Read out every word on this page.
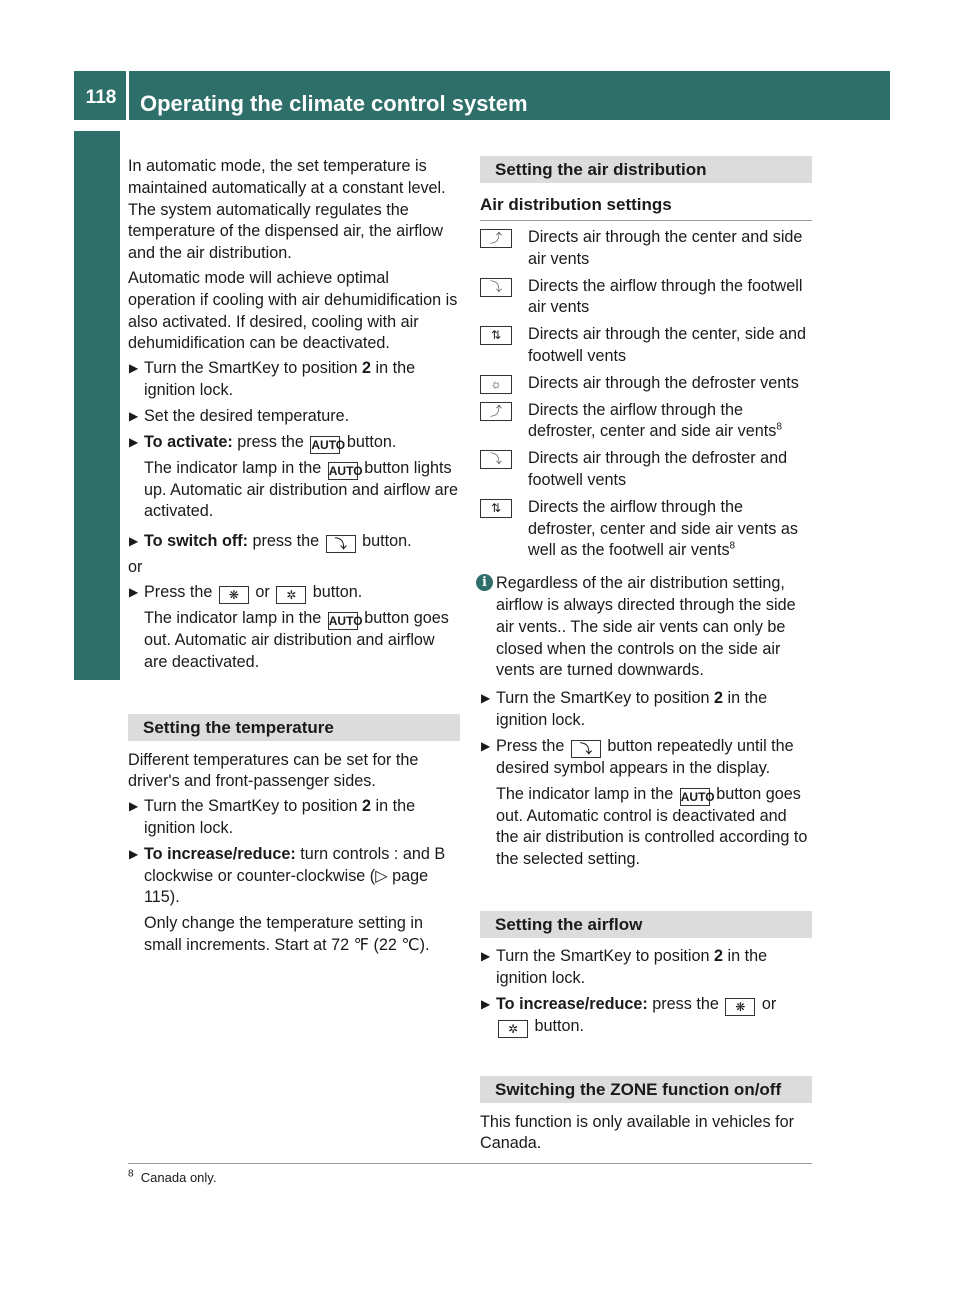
118	Operating the climate control system
Climate control

In automatic mode, the set temperature is maintained automatically at a constant level. The system automatically regulates the temperature of the dispensed air, the airflow and the air distribution.

Automatic mode will achieve optimal operation if cooling with air dehumidification is also activated. If desired, cooling with air dehumidification can be deactivated.

▶ Turn the SmartKey to position 2 in the ignition lock.
▶ Set the desired temperature.
▶ To activate: press the AUTO button.
The indicator lamp in the AUTO button lights up. Automatic air distribution and airflow are activated.
▶ To switch off: press the ⤵ button.

or

▶ Press the ❋ or ✲ button.
The indicator lamp in the AUTO button goes out. Automatic air distribution and airflow are deactivated.
Setting the temperature

Different temperatures can be set for the driver's and front-passenger sides.

▶ Turn the SmartKey to position 2 in the ignition lock.
▶ To increase/reduce: turn controls : and B clockwise or counter-clockwise (▷ page 115).
Only change the temperature setting in small increments. Start at 72 ℉ (22 ℃).
Setting the air distribution
Air distribution settings
⤴	Directs air through the center and side air vents
⤵	Directs the airflow through the footwell air vents
⇅	Directs air through the center, side and footwell vents
☼	Directs air through the defroster vents
⤴	Directs the airflow through the defroster, center and side air vents$^8$
⤵	Directs air through the defroster and footwell vents
⇅	Directs the airflow through the defroster, center and side air vents as well as the footwell air vents$^8$
i Regardless of the air distribution setting, airflow is always directed through the side air vents.. The side air vents can only be closed when the controls on the side air vents are turned downwards.
▶ Turn the SmartKey to position 2 in the ignition lock.
▶ Press the ⤵ button repeatedly until the desired symbol appears in the display.
The indicator lamp in the AUTO button goes out. Automatic control is deactivated and the air distribution is controlled according to the selected setting.
Setting the airflow
▶ Turn the SmartKey to position 2 in the ignition lock.
▶ To increase/reduce: press the ❋ or ✲ button.
Switching the ZONE function on/off

This function is only available in vehicles for Canada.

$^8$ Canada only.
